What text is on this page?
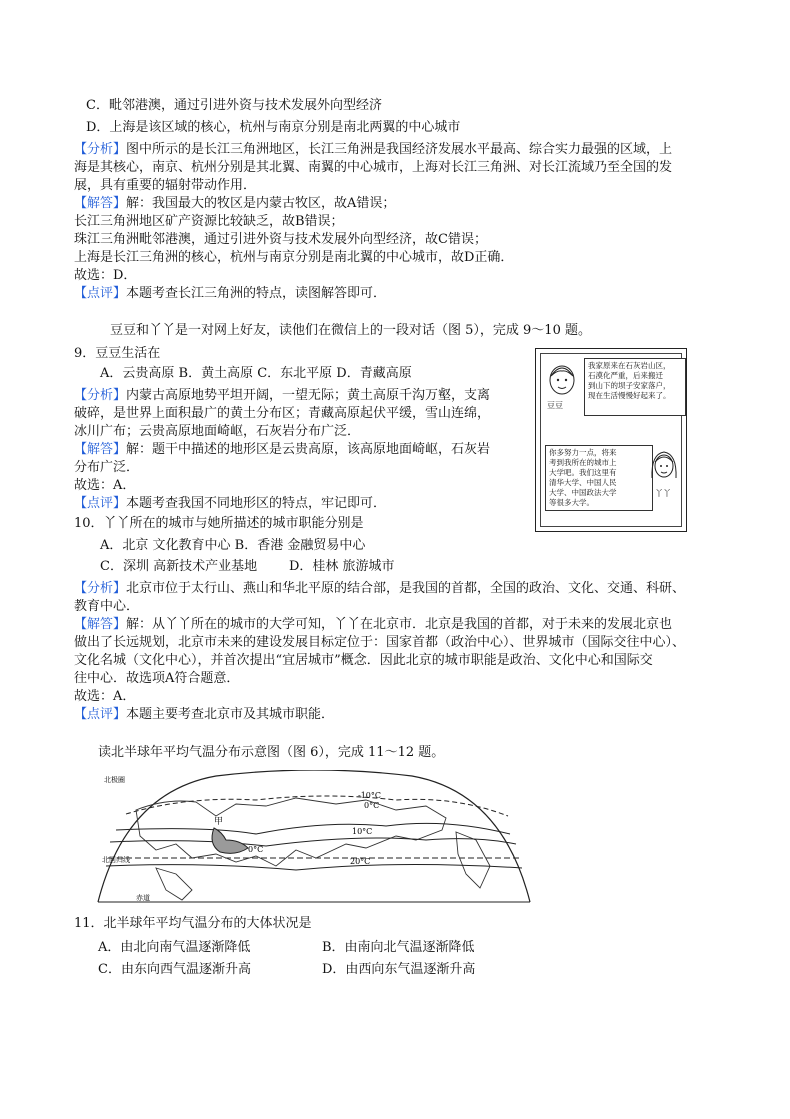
C．毗邻港澳，通过引进外资与技术发展外向型经济
D．上海是该区域的核心，杭州与南京分别是南北两翼的中心城市
【分析】图中所示的是长江三角洲地区，长江三角洲是我国经济发展水平最高、综合实力最强的区域，上
海是其核心，南京、杭州分别是其北翼、南翼的中心城市，上海对长江三角洲、对长江流域乃至全国的发
展，具有重要的辐射带动作用．
【解答】解：我国最大的牧区是内蒙古牧区，故A错误；
长江三角洲地区矿产资源比较缺乏，故B错误；
珠江三角洲毗邻港澳，通过引进外资与技术发展外向型经济，故C错误；
上海是长江三角洲的核心，杭州与南京分别是南北翼的中心城市，故D正确．
故选：D．
【点评】本题考查长江三角洲的特点，读图解答即可．
豆豆和丫丫是一对网上好友，读他们在微信上的一段对话（图 5），完成 9～10 题。
9．豆豆生活在
A．云贵高原 B．黄土高原 C．东北平原 D．青藏高原
【分析】内蒙古高原地势平坦开阔，一望无际；黄土高原千沟万壑，支离
破碎，是世界上面积最广的黄土分布区；青藏高原起伏平缓，雪山连绵，
冰川广布；云贵高原地面崎岖，石灰岩分布广泛．
【解答】解：题干中描述的地形区是云贵高原，该高原地面崎岖，石灰岩
分布广泛．
故选：A．
【点评】本题考查我国不同地形区的特点，牢记即可．
豆豆
我家原来在石灰岩山区，
石漠化严重，后来搬迁
到山下的坝子安家落户，
现在生活慢慢好起来了。
你多努力一点，将来
考到我所在的城市上
大学吧。我们这里有
清华大学、中国人民
大学、中国政法大学
等很多大学。
丫丫
10．丫丫所在的城市与她所描述的城市职能分别是
A．北京 文化教育中心 B．香港 金融贸易中心
C．深圳 高新技术产业基地 D．桂林 旅游城市
【分析】北京市位于太行山、燕山和华北平原的结合部，是我国的首都，全国的政治、文化、交通、科研、
教育中心．
【解答】解：从丫丫所在的城市的大学可知，丫丫在北京市．北京是我国的首都，对于未来的发展北京也
做出了长远规划，北京市未来的建设发展目标定位于：国家首都（政治中心）、世界城市（国际交往中心）、
文化名城（文化中心），并首次提出“宜居城市”概念．因此北京的城市职能是政治、文化中心和国际交
往中心．故选项A符合题意．
故选：A．
【点评】本题主要考查北京市及其城市职能．
读北半球年平均气温分布示意图（图 6），完成 11～12 题。
北极圈
北回归线
赤道
甲
-10°C
0°C
10°C
0°C
20°C
11．北半球年平均气温分布的大体状况是
A．由北向南气温逐渐降低	B．由南向北气温逐渐降低
C．由东向西气温逐渐升高	D．由西向东气温逐渐升高
